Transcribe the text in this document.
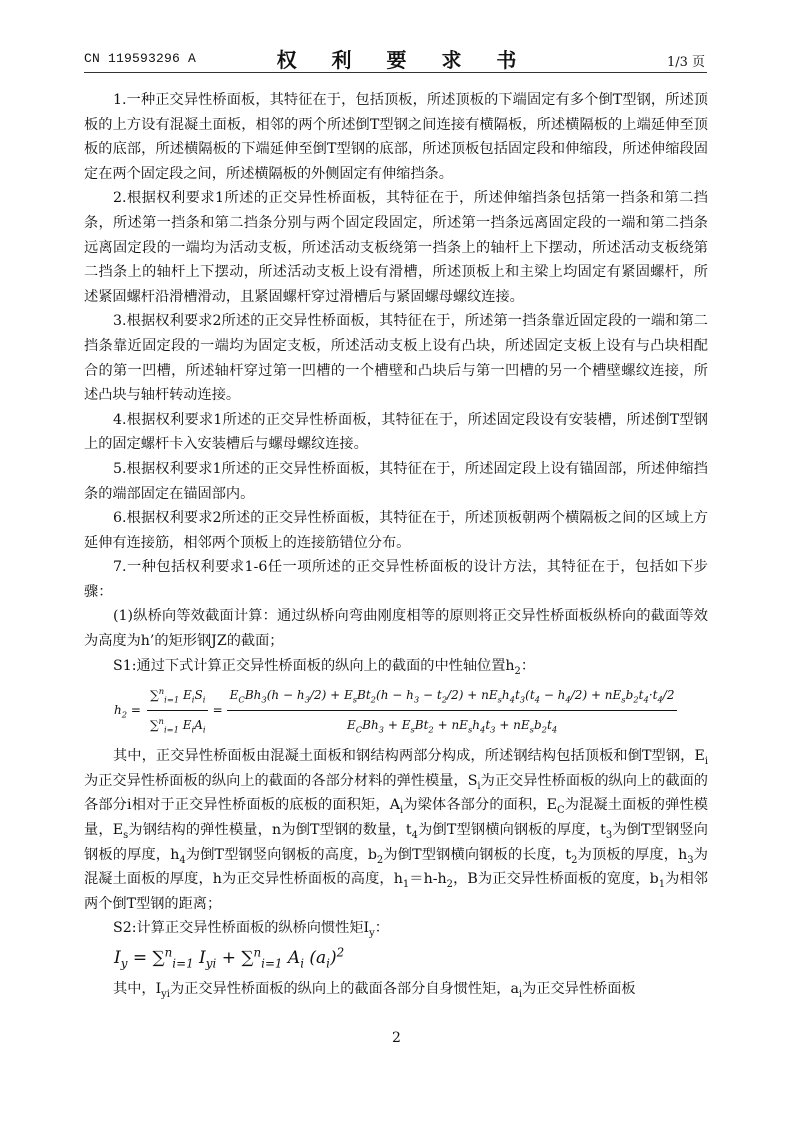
CN 119593296 A	权 利 要 求 书	1/3 页

1.一种正交异性桥面板，其特征在于，包括顶板，所述顶板的下端固定有多个倒T型钢，所述顶板的上方设有混凝土面板，相邻的两个所述倒T型钢之间连接有横隔板，所述横隔板的上端延伸至顶板的底部，所述横隔板的下端延伸至倒T型钢的底部，所述顶板包括固定段和伸缩段，所述伸缩段固定在两个固定段之间，所述横隔板的外侧固定有伸缩挡条。

2.根据权利要求1所述的正交异性桥面板，其特征在于，所述伸缩挡条包括第一挡条和第二挡条，所述第一挡条和第二挡条分别与两个固定段固定，所述第一挡条远离固定段的一端和第二挡条远离固定段的一端均为活动支板，所述活动支板绕第一挡条上的轴杆上下摆动，所述活动支板绕第二挡条上的轴杆上下摆动，所述活动支板上设有滑槽，所述顶板上和主梁上均固定有紧固螺杆，所述紧固螺杆沿滑槽滑动，且紧固螺杆穿过滑槽后与紧固螺母螺纹连接。

3.根据权利要求2所述的正交异性桥面板，其特征在于，所述第一挡条靠近固定段的一端和第二挡条靠近固定段的一端均为固定支板，所述活动支板上设有凸块，所述固定支板上设有与凸块相配合的第一凹槽，所述轴杆穿过第一凹槽的一个槽壁和凸块后与第一凹槽的另一个槽壁螺纹连接，所述凸块与轴杆转动连接。

4.根据权利要求1所述的正交异性桥面板，其特征在于，所述固定段设有安装槽，所述倒T型钢上的固定螺杆卡入安装槽后与螺母螺纹连接。

5.根据权利要求1所述的正交异性桥面板，其特征在于，所述固定段上设有锚固部，所述伸缩挡条的端部固定在锚固部内。

6.根据权利要求2所述的正交异性桥面板，其特征在于，所述顶板朝两个横隔板之间的区域上方延伸有连接筋，相邻两个顶板上的连接筋错位分布。

7.一种包括权利要求1-6任一项所述的正交异性桥面板的设计方法，其特征在于，包括如下步骤：

(1)纵桥向等效截面计算：通过纵桥向弯曲刚度相等的原则将正交异性桥面板纵桥向的截面等效为高度为h’的矩形钢JZ的截面；

S1:通过下式计算正交异性桥面板的纵向上的截面的中性轴位置$h_2$：

$h_2 = \frac{\sum^n_{i=1} E_iS_i}{\sum^n_{i=1} E_iA_i}$ =
$E_CBh_3(h - h_3/2) + E_sBt_2(h - h_3 - t_2/2) + nE_sh_4t_3(t_4 - h_4/2) + nE_sb_2t_4\cdot t_4/2$
$E_CBh_3 + E_sBt_2 + nE_sh_4t_3 + nE_sb_2t_4$

其中，正交异性桥面板由混凝土面板和钢结构两部分构成，所述钢结构包括顶板和倒T型钢，$E_i$为正交异性桥面板的纵向上的截面的各部分材料的弹性模量，$S_i$为正交异性桥面板的纵向上的截面的各部分i相对于正交异性桥面板的底板的面积矩，$A_i$为梁体各部分的面积，$E_C$为混凝土面板的弹性模量，$E_s$为钢结构的弹性模量，n为倒T型钢的数量，$t_4$为倒T型钢横向钢板的厚度，$t_3$为倒T型钢竖向钢板的厚度，$h_4$为倒T型钢竖向钢板的高度，$b_2$为倒T型钢横向钢板的长度，$t_2$为顶板的厚度，$h_3$为混凝土面板的厚度，h为正交异性桥面板的高度，$h_1=h-h_2$，B为正交异性桥面板的宽度，$b_1$为相邻两个倒T型钢的距离；

S2:计算正交异性桥面板的纵桥向惯性矩$I_y$：

$I_y = \sum^n_{i=1}$ $I_{yi} + \sum^n_{i=1}$ $A_i$ $(a_i)^2$

其中，$I_{yi}$为正交异性桥面板的纵向上的截面各部分自身惯性矩，$a_i$为正交异性桥面板

2
